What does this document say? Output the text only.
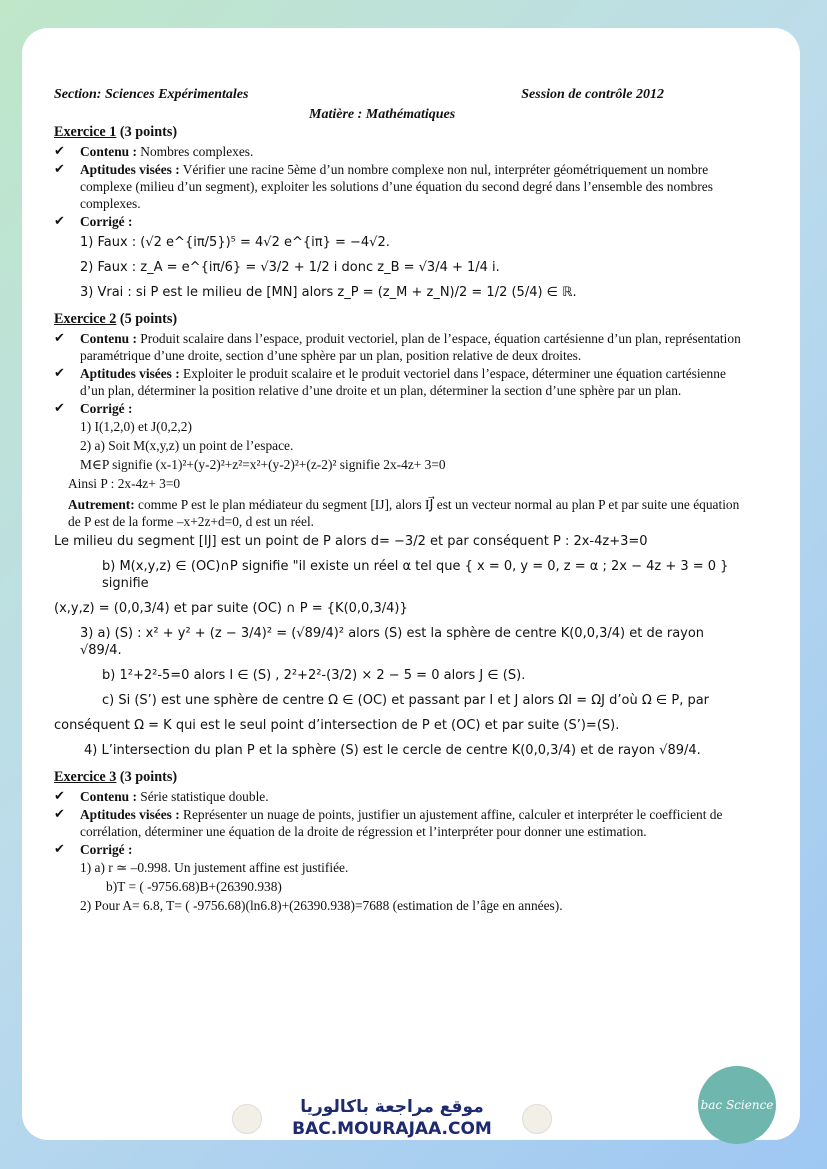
Section: Sciences Expérimentales	Session de contrôle 2012
Matière : Mathématiques
Exercice 1 (3 points)
✔ Contenu : Nombres complexes.
✔ Aptitudes visées : Vérifier une racine 5ème d’un nombre complexe non nul, interpréter géométriquement un nombre complexe (milieu d’un segment), exploiter les solutions d’une équation du second degré dans l’ensemble des nombres complexes.
✔ Corrigé :
1) Faux : (√2 e^{iπ/5})⁵ = 4√2 e^{iπ} = −4√2.
2) Faux : z_A = e^{iπ/6} = √3/2 + 1/2 i donc z_B = √3/4 + 1/4 i.
3) Vrai : si P est le milieu de [MN] alors z_P = (z_M + z_N)/2 = 1/2 (5/4) ∈ ℝ.
Exercice 2 (5 points)
✔ Contenu : Produit scalaire dans l’espace, produit vectoriel, plan de l’espace, équation cartésienne d’un plan, représentation paramétrique d’une droite, section d’une sphère par un plan, position relative de deux droites.
✔ Aptitudes visées : Exploiter le produit scalaire et le produit vectoriel dans l’espace, déterminer une équation cartésienne d’un plan, déterminer la position relative d’une droite et un plan, déterminer la section d’une sphère par un plan.
✔ Corrigé :
1) I(1,2,0) et J(0,2,2)
2) a) Soit M(x,y,z) un point de l’espace.
M∈P signifie (x-1)²+(y-2)²+z²=x²+(y-2)²+(z-2)² signifie 2x-4z+ 3=0
Ainsi P : 2x-4z+ 3=0
Autrement: comme P est le plan médiateur du segment [IJ], alors IJ⃗ est un vecteur normal au plan P et par suite une équation de P est de la forme –x+2z+d=0, d est un réel.
Le milieu du segment [IJ] est un point de P alors d= −3/2 et par conséquent P : 2x-4z+3=0
b) M(x,y,z) ∈ (OC)∩P signifie "il existe un réel α tel que { x = 0, y = 0, z = α ; 2x − 4z + 3 = 0 } signifie
(x,y,z) = (0,0,3/4) et par suite (OC) ∩ P = {K(0,0,3/4)}
3) a) (S) : x² + y² + (z − 3/4)² = (√89/4)² alors (S) est la sphère de centre K(0,0,3/4) et de rayon √89/4.
b) 1²+2²-5=0 alors I ∈ (S) , 2²+2²-(3/2) × 2 − 5 = 0 alors J ∈ (S).
c) Si (S’) est une sphère de centre Ω ∈ (OC) et passant par I et J alors ΩI = ΩJ d’où Ω ∈ P, par
conséquent Ω = K qui est le seul point d’intersection de P et (OC) et par suite (S’)=(S).
4) L’intersection du plan P et la sphère (S) est le cercle de centre K(0,0,3/4) et de rayon √89/4.
Exercice 3 (3 points)
✔ Contenu : Série statistique double.
✔ Aptitudes visées : Représenter un nuage de points, justifier un ajustement affine, calculer et interpréter le coefficient de corrélation, déterminer une équation de la droite de régression et l’interpréter pour donner une estimation.
✔ Corrigé :
1) a) r ≃ –0.998. Un justement affine est justifiée.
b)T = ( -9756.68)B+(26390.938)
2) Pour A= 6.8, T= ( -9756.68)(ln6.8)+(26390.938)=7688 (estimation de l’âge en années).
موقع مراجعة باكالوريا
BAC.MOURAJAA.COM
bac Science
